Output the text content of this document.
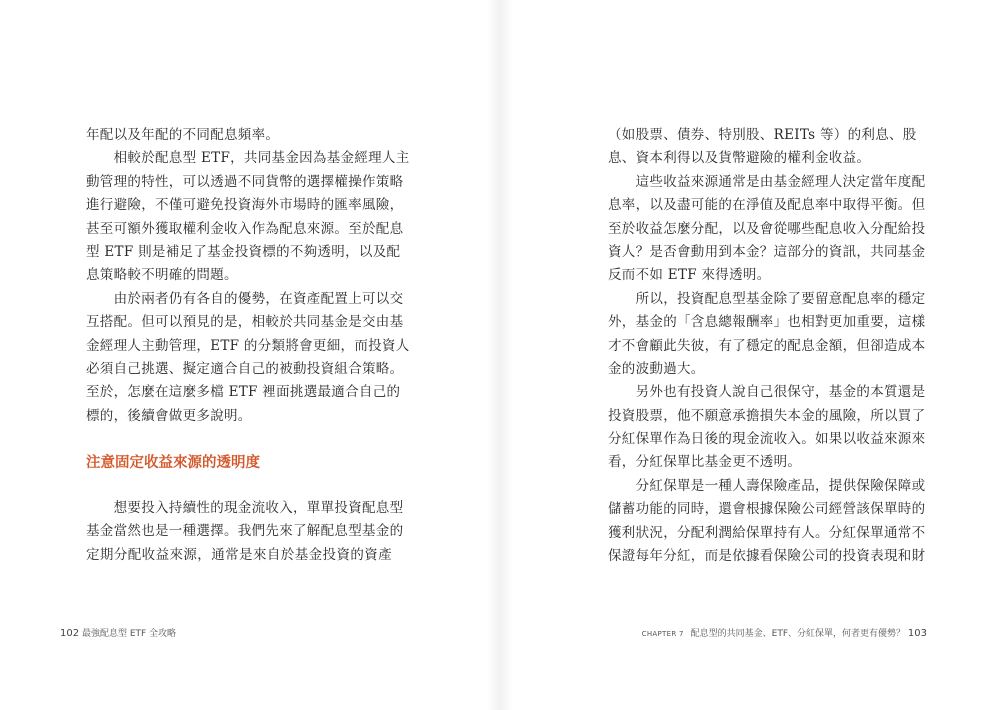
年配以及年配的不同配息頻率。
　　相較於配息型 ETF，共同基金因為基金經理人主
動管理的特性，可以透過不同貨幣的選擇權操作策略
進行避險，不僅可避免投資海外市場時的匯率風險，
甚至可額外獲取權利金收入作為配息來源。至於配息
型 ETF 則是補足了基金投資標的不夠透明，以及配
息策略較不明確的問題。
　　由於兩者仍有各自的優勢，在資產配置上可以交
互搭配。但可以預見的是，相較於共同基金是交由基
金經理人主動管理，ETF 的分類將會更細，而投資人
必須自己挑選、擬定適合自己的被動投資組合策略。
至於，怎麼在這麼多檔 ETF 裡面挑選最適合自己的
標的，後續會做更多說明。
注意固定收益來源的透明度
　　想要投入持續性的現金流收入，單單投資配息型
基金當然也是一種選擇。我們先來了解配息型基金的
定期分配收益來源，通常是來自於基金投資的資產
102 最強配息型 ETF 全攻略	CHAPTER 7 配息型的共同基金、ETF、分紅保單，何者更有優勢？ 103
（如股票、債券、特別股、REITs 等）的利息、股
息、資本利得以及貨幣避險的權利金收益。
　　這些收益來源通常是由基金經理人決定當年度配
息率，以及盡可能的在淨值及配息率中取得平衡。但
至於收益怎麼分配，以及會從哪些配息收入分配給投
資人？是否會動用到本金？這部分的資訊，共同基金
反而不如 ETF 來得透明。
　　所以，投資配息型基金除了要留意配息率的穩定
外，基金的「含息總報酬率」也相對更加重要，這樣
才不會顧此失彼，有了穩定的配息金額，但卻造成本
金的波動過大。
　　另外也有投資人說自己很保守，基金的本質還是
投資股票，他不願意承擔損失本金的風險，所以買了
分紅保單作為日後的現金流收入。如果以收益來源來
看，分紅保單比基金更不透明。
　　分紅保單是一種人壽保險產品，提供保險保障或
儲蓄功能的同時，還會根據保險公司經營該保單時的
獲利狀況，分配利潤給保單持有人。分紅保單通常不
保證每年分紅，而是依據看保險公司的投資表現和財
